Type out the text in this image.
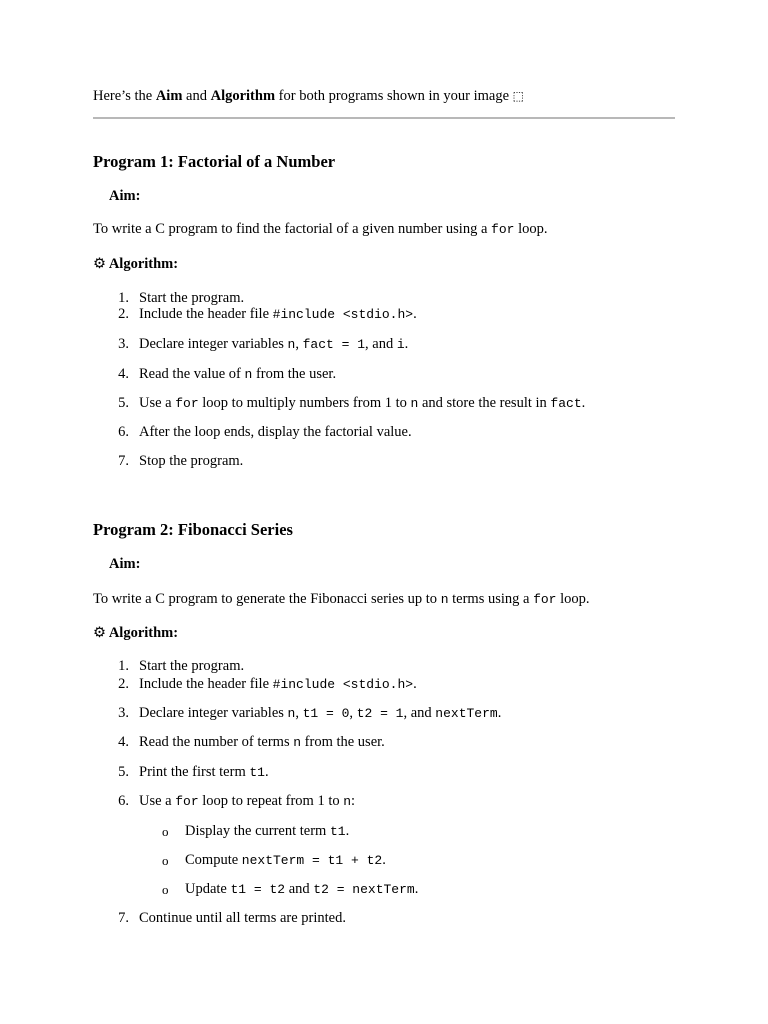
Here’s the Aim and Algorithm for both programs shown in your image ⬚
Program 1: Factorial of a Number
Aim:
To write a C program to find the factorial of a given number using a for loop.
⚙ Algorithm:
1. Start the program.
2. Include the header file #include <stdio.h>.
3. Declare integer variables n, fact = 1, and i.
4. Read the value of n from the user.
5. Use a for loop to multiply numbers from 1 to n and store the result in fact.
6. After the loop ends, display the factorial value.
7. Stop the program.
Program 2: Fibonacci Series
Aim:
To write a C program to generate the Fibonacci series up to n terms using a for loop.
⚙ Algorithm:
1. Start the program.
2. Include the header file #include <stdio.h>.
3. Declare integer variables n, t1 = 0, t2 = 1, and nextTerm.
4. Read the number of terms n from the user.
5. Print the first term t1.
6. Use a for loop to repeat from 1 to n:
o Display the current term t1.
o Compute nextTerm = t1 + t2.
o Update t1 = t2 and t2 = nextTerm.
7. Continue until all terms are printed.
